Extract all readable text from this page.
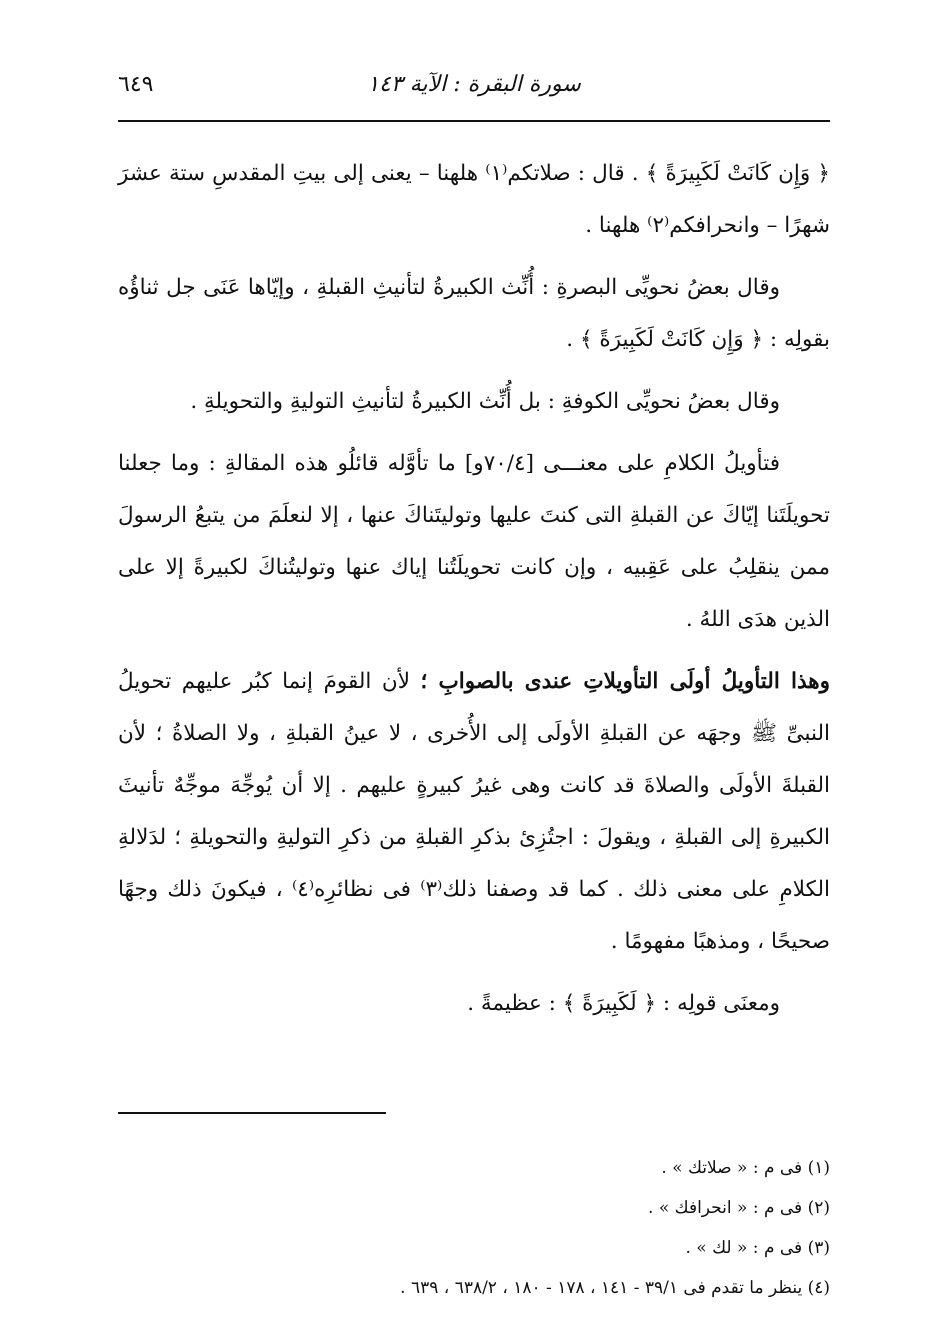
سورة البقرة : الآية ١٤٣
٦٤٩

﴿ وَإِن كَانَتْ لَكَبِيرَةً ﴾ . قال : صلاتكم⁽١⁾ هلهنا – يعنى إلى بيتِ المقدسِ ستة عشرَ شهرًا – وانحرافكم⁽٢⁾ هلهنا .

وقال بعضُ نحويِّى البصرةِ : أُنِّث الكبيرةُ لتأنيثِ القبلةِ ، وإيّاها عَنَى جل ثناؤُه بقولِه : ﴿ وَإِن كَانَتْ لَكَبِيرَةً ﴾ .

وقال بعضُ نحويِّى الكوفةِ : بل أُنِّث الكبيرةُ لتأنيثِ التوليةِ والتحويلةِ .

فتأويلُ الكلامِ على معنـــى [٧٠/٤و] ما تأوَّله قائلُو هذه المقالةِ : وما جعلنا تحويلَتَنا إيّاكَ عن القبلةِ التى كنتَ عليها وتوليتَناكَ عنها ، إلا لنعلَمَ من يتبعُ الرسولَ ممن ينقلِبُ على عَقِبيه ، وإن كانت تحويلَتُنا إياك عنها وتوليتُناكَ لكبيرةً إلا على الذين هدَى اللهُ .

وهذا التأويلُ أولَى التأويلاتِ عندى بالصوابِ ؛ لأن القومَ إنما كبُر عليهم تحويلُ النبىِّ ﷺ وجهَه عن القبلةِ الأولَى إلى الأُخرى ، لا عينُ القبلةِ ، ولا الصلاةُ ؛ لأن القبلةَ الأولَى والصلاةَ قد كانت وهى غيرُ كبيرةٍ عليهم . إلا أن يُوجِّهَ موجِّهٌ تأنيثَ الكبيرةِ إلى القبلةِ ، ويقولَ : اجتُزِئ بذكرِ القبلةِ من ذكرِ التوليةِ والتحويلةِ ؛ لدَلالةِ الكلامِ على معنى ذلك . كما قد وصفنا ذلك⁽٣⁾ فى نظائرِه⁽٤⁾ ، فيكونَ ذلك وجهًا صحيحًا ، ومذهبًا مفهومًا .

ومعنَى قولِه : ﴿ لَكَبِيرَةً ﴾ : عظيمةً .

(١) فى م : « صلاتك » .

(٢) فى م : « انحرافك » .

(٣) فى م : « لك » .

(٤) ينظر ما تقدم فى ٣٩/١ - ١٤١ ، ١٧٨ - ١٨٠ ، ٦٣٨/٢ ، ٦٣٩ .
